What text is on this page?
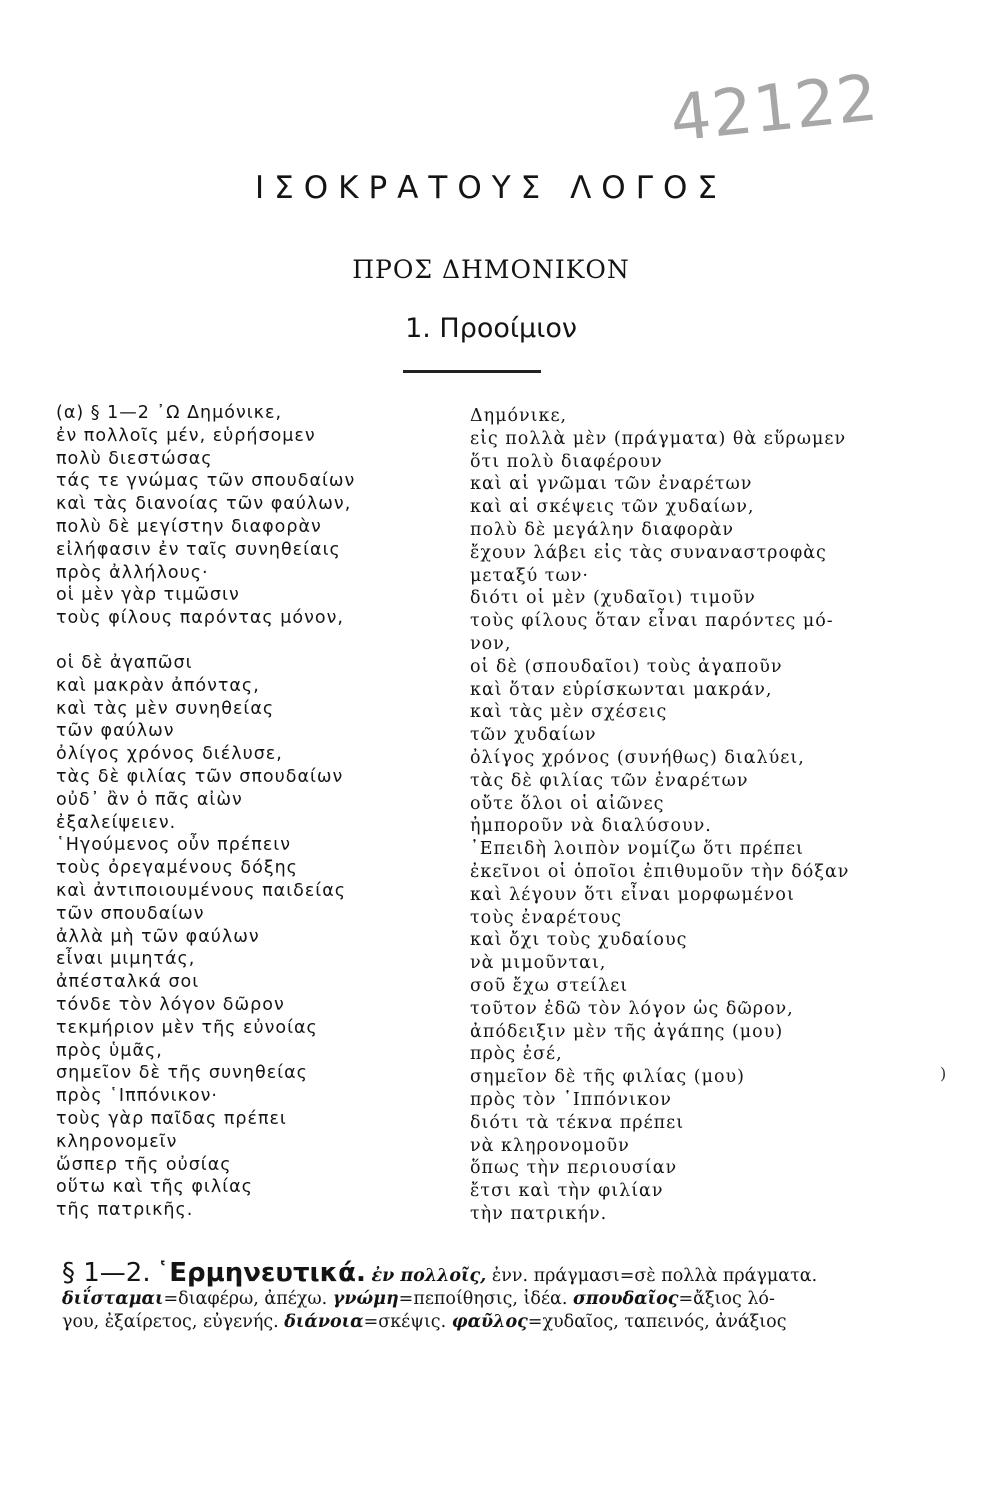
42122
ΙΣΟΚΡΑΤΟΥΣ ΛΟΓΟΣ
ΠΡΟΣ ΔΗΜΟΝΙΚΟΝ
1. Προοίμιον
(α) § 1—2 ᾿Ω Δημόνικε,
ἐν πολλοῖς μέν, εὑρήσομεν
πολὺ διεστώσας
τάς τε γνώμας τῶν σπουδαίων
καὶ τὰς διανοίας τῶν φαύλων,
πολὺ δὲ μεγίστην διαφορὰν
εἰλήφασιν ἐν ταῖς συνηθείαις
πρὸς ἀλλήλους·
οἱ μὲν γὰρ τιμῶσιν
τοὺς φίλους παρόντας μόνον,
οἱ δὲ ἀγαπῶσι
καὶ μακρὰν ἀπόντας,
καὶ τὰς μὲν συνηθείας
τῶν φαύλων
ὀλίγος χρόνος διέλυσε,
τὰς δὲ φιλίας τῶν σπουδαίων
οὐδ᾿ ἂν ὁ πᾶς αἰὼν
ἐξαλείψειεν.
῾Ηγούμενος οὖν πρέπειν
τοὺς ὀρεγαμένους δόξης
καὶ ἀντιποιουμένους παιδείας
τῶν σπουδαίων
ἀλλὰ μὴ τῶν φαύλων
εἶναι μιμητάς,
ἀπέσταλκά σοι
τόνδε τὸν λόγον δῶρον
τεκμήριον μὲν τῆς εὐνοίας
πρὸς ὑμᾶς,
σημεῖον δὲ τῆς συνηθείας
πρὸς ῾Ιππόνικον·
τοὺς γὰρ παῖδας πρέπει
κληρονομεῖν
ὥσπερ τῆς οὐσίας
οὕτω καὶ τῆς φιλίας
τῆς πατρικῆς.
Δημόνικε,
εἰς πολλὰ μὲν (πράγματα) θὰ εὕρωμεν
ὅτι πολὺ διαφέρουν
καὶ αἱ γνῶμαι τῶν ἐναρέτων
καὶ αἱ σκέψεις τῶν χυδαίων,
πολὺ δὲ μεγάλην διαφορὰν
ἔχουν λάβει εἰς τὰς συναναστροφὰς
μεταξύ των·
διότι οἱ μὲν (χυδαῖοι) τιμοῦν
τοὺς φίλους ὅταν εἶναι παρόντες μό-
νον,
οἱ δὲ (σπουδαῖοι) τοὺς ἀγαποῦν
καὶ ὅταν εὑρίσκωνται μακράν,
καὶ τὰς μὲν σχέσεις
τῶν χυδαίων
ὀλίγος χρόνος (συνήθως) διαλύει,
τὰς δὲ φιλίας τῶν ἐναρέτων
οὔτε ὅλοι οἱ αἰῶνες
ἠμποροῦν νὰ διαλύσουν.
᾿Επειδὴ λοιπὸν νομίζω ὅτι πρέπει
ἐκεῖνοι οἱ ὁποῖοι ἐπιθυμοῦν τὴν δόξαν
καὶ λέγουν ὅτι εἶναι μορφωμένοι
τοὺς ἐναρέτους
καὶ ὄχι τοὺς χυδαίους
νὰ μιμοῦνται,
σοῦ ἔχω στείλει
τοῦτον ἐδῶ τὸν λόγον ὡς δῶρον,
ἀπόδειξιν μὲν τῆς ἀγάπης (μου)
πρὸς ἐσέ,
σημεῖον δὲ τῆς φιλίας (μου)
πρὸς τὸν ῾Ιππόνικον
διότι τὰ τέκνα πρέπει
νὰ κληρονομοῦν
ὅπως τὴν περιουσίαν
ἔτσι καὶ τὴν φιλίαν
τὴν πατρικήν.
)
§ 1—2. ῾Ερμηνευτικά. ἐν πολλοῖς, ἐνν. πράγμασι=σὲ πολλὰ πράγματα.
διΐσταμαι=διαφέρω, ἀπέχω. γνώμη=πεποίθησις, ἰδέα. σπουδαῖος=ἄξιος λό-
γου, ἐξαίρετος, εὐγενής. διάνοια=σκέψις. φαῦλος=χυδαῖος, ταπεινός, ἀνάξιος
